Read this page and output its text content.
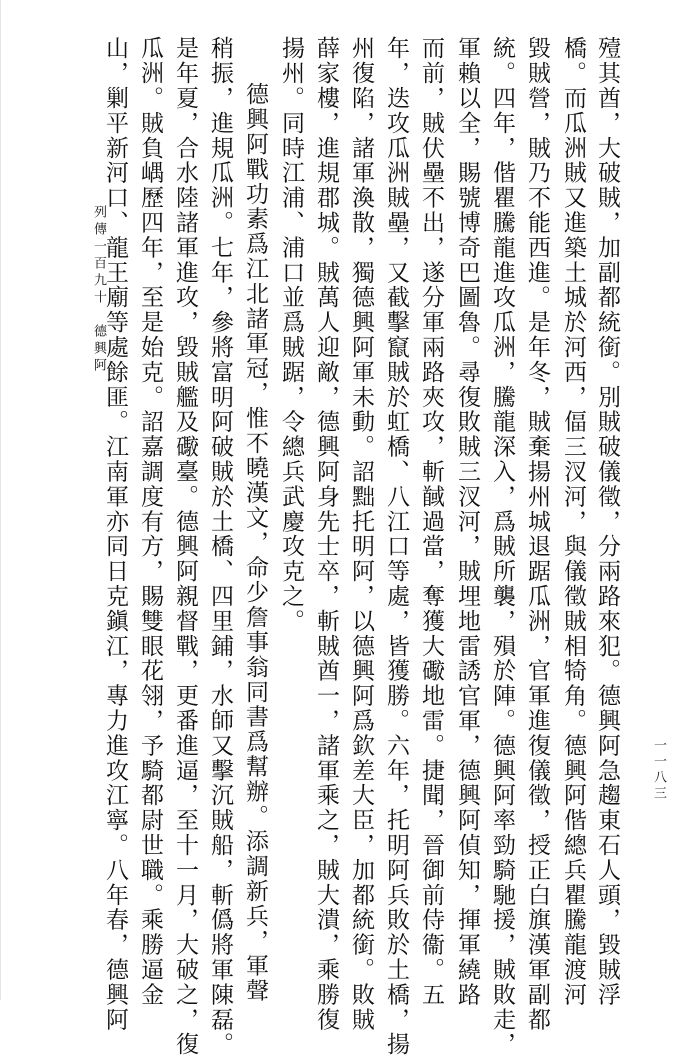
列傳一百九十　德興阿
一一八三
殪其酋，大破賊，加副都統銜。別賊破儀徵，分兩路來犯。德興阿急趨東石人頭，毀賊浮
橋。而瓜洲賊又進築土城於河西，偪三汊河，與儀徵賊相犄角。德興阿偕總兵瞿騰龍渡河
毀賊營，賊乃不能西進。是年冬，賊棄揚州城退踞瓜洲，官軍進復儀徵，授正白旗漢軍副都
統。四年，偕瞿騰龍進攻瓜洲，騰龍深入，爲賊所襲，殞於陣。德興阿率勁騎馳援，賊敗走，
軍賴以全，賜號博奇巴圖魯。尋復敗賊三汊河，賊埋地雷誘官軍，德興阿偵知，揮軍繞路
而前，賊伏壘不出，遂分軍兩路夾攻，斬馘過當，奪獲大礮地雷。捷聞，晉御前侍衞。五
年，迭攻瓜洲賊壘，又截擊竄賊於虹橋、八江口等處，皆獲勝。六年，托明阿兵敗於土橋，揚
州復陷，諸軍渙散，獨德興阿軍未動。詔黜托明阿，以德興阿爲欽差大臣，加都統銜。敗賊
薛家樓，進規郡城。賊萬人迎敵，德興阿身先士卒，斬賊酋一，諸軍乘之，賊大潰，乘勝復
揚州。同時江浦、浦口並爲賊踞，令總兵武慶攻克之。
德興阿戰功素爲江北諸軍冠，惟不曉漢文，命少詹事翁同書爲幫辦。添調新兵，軍聲
稍振，進規瓜洲。七年，參將富明阿破賊於土橋、四里鋪，水師又擊沉賊船，斬僞將軍陳磊。
是年夏，合水陸諸軍進攻，毀賊艦及礮臺。德興阿親督戰，更番進逼，至十一月，大破之，復
瓜洲。賊負嵎歷四年，至是始克。詔嘉調度有方，賜雙眼花翎，予騎都尉世職。乘勝逼金
山，剿平新河口、龍王廟等處餘匪。江南軍亦同日克鎭江，專力進攻江寧。八年春，德興阿
